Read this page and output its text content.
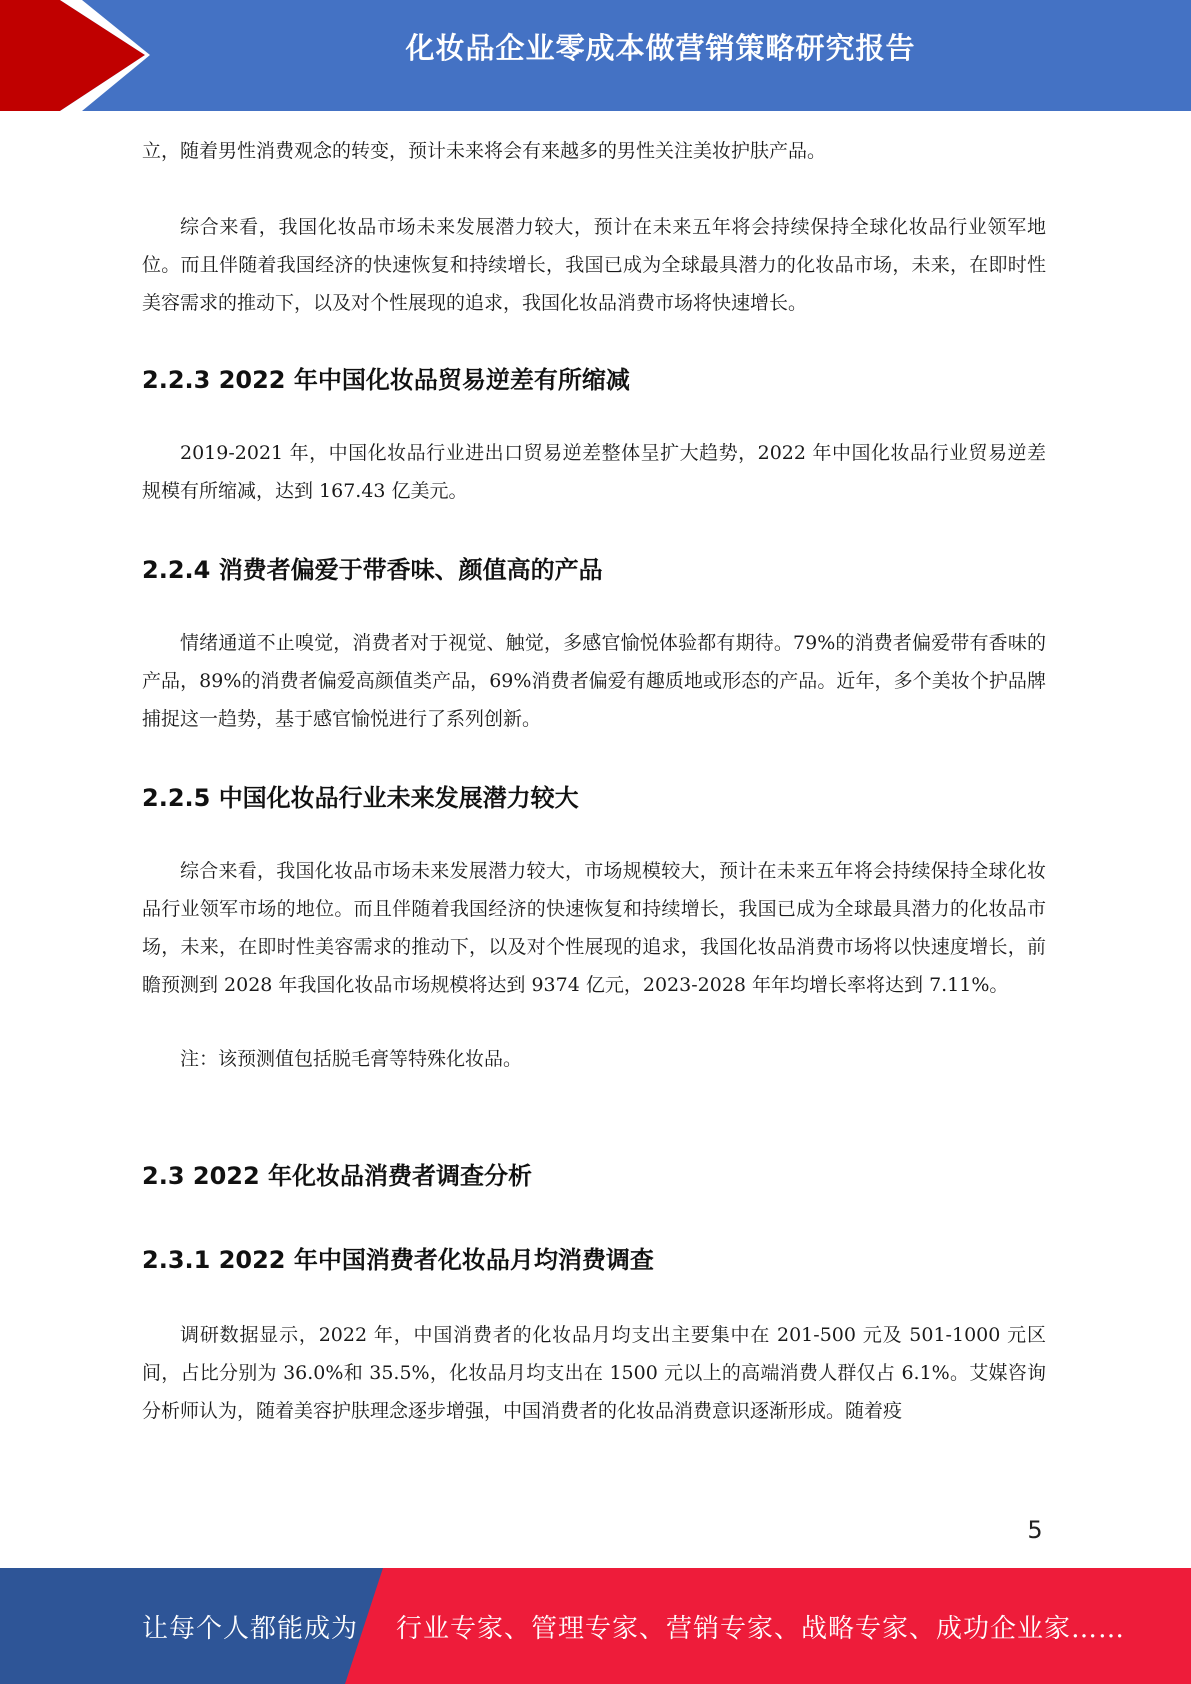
化妆品企业零成本做营销策略研究报告

立，随着男性消费观念的转变，预计未来将会有来越多的男性关注美妆护肤产品。

综合来看，我国化妆品市场未来发展潜力较大，预计在未来五年将会持续保持全球化妆品行业领军地位。而且伴随着我国经济的快速恢复和持续增长，我国已成为全球最具潜力的化妆品市场，未来，在即时性美容需求的推动下，以及对个性展现的追求，我国化妆品消费市场将快速增长。

2.2.3 2022 年中国化妆品贸易逆差有所缩减

2019-2021 年，中国化妆品行业进出口贸易逆差整体呈扩大趋势，2022 年中国化妆品行业贸易逆差规模有所缩减，达到 167.43 亿美元。

2.2.4 消费者偏爱于带香味、颜值高的产品

情绪通道不止嗅觉，消费者对于视觉、触觉，多感官愉悦体验都有期待。79%的消费者偏爱带有香味的产品，89%的消费者偏爱高颜值类产品，69%消费者偏爱有趣质地或形态的产品。近年，多个美妆个护品牌捕捉这一趋势，基于感官愉悦进行了系列创新。

2.2.5 中国化妆品行业未来发展潜力较大

综合来看，我国化妆品市场未来发展潜力较大，市场规模较大，预计在未来五年将会持续保持全球化妆品行业领军市场的地位。而且伴随着我国经济的快速恢复和持续增长，我国已成为全球最具潜力的化妆品市场，未来，在即时性美容需求的推动下，以及对个性展现的追求，我国化妆品消费市场将以快速度增长，前瞻预测到 2028 年我国化妆品市场规模将达到 9374 亿元，2023-2028 年年均增长率将达到 7.11%。

注：该预测值包括脱毛膏等特殊化妆品。

2.3 2022 年化妆品消费者调查分析
2.3.1 2022 年中国消费者化妆品月均消费调查

调研数据显示，2022 年，中国消费者的化妆品月均支出主要集中在 201-500 元及 501-1000 元区间，占比分别为 36.0%和 35.5%，化妆品月均支出在 1500 元以上的高端消费人群仅占 6.1%。艾媒咨询分析师认为，随着美容护肤理念逐步增强，中国消费者的化妆品消费意识逐渐形成。随着疫

5
让每个人都能成为 行业专家、管理专家、营销专家、战略专家、成功企业家……
